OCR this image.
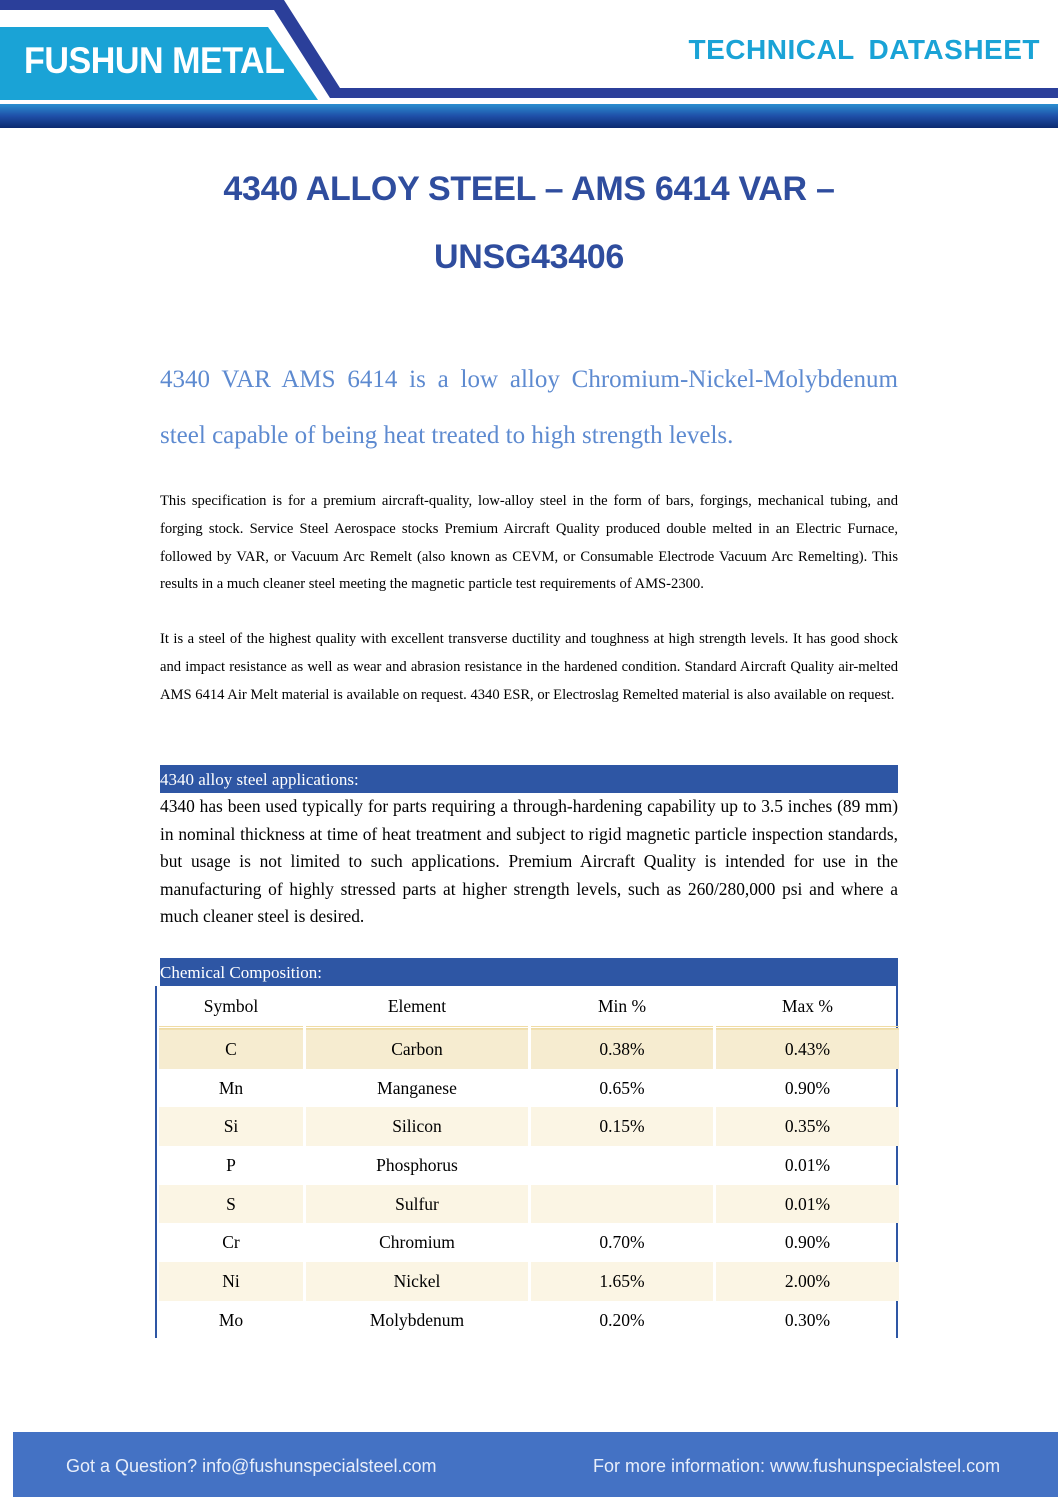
FUSHUN METAL	TECHNICAL DATASHEET
4340 ALLOY STEEL – AMS 6414 VAR –
UNSG43406
4340 VAR AMS 6414 is a low alloy Chromium-Nickel-Molybdenum steel capable of being heat treated to high strength levels.
This specification is for a premium aircraft-quality, low-alloy steel in the form of bars, forgings, mechanical tubing, and forging stock. Service Steel Aerospace stocks Premium Aircraft Quality produced double melted in an Electric Furnace, followed by VAR, or Vacuum Arc Remelt (also known as CEVM, or Consumable Electrode Vacuum Arc Remelting). This results in a much cleaner steel meeting the magnetic particle test requirements of AMS-2300.
It is a steel of the highest quality with excellent transverse ductility and toughness at high strength levels. It has good shock and impact resistance as well as wear and abrasion resistance in the hardened condition. Standard Aircraft Quality air-melted AMS 6414 Air Melt material is available on request. 4340 ESR, or Electroslag Remelted material is also available on request.
4340 alloy steel applications:
4340 has been used typically for parts requiring a through-hardening capability up to 3.5 inches (89 mm) in nominal thickness at time of heat treatment and subject to rigid magnetic particle inspection standards, but usage is not limited to such applications. Premium Aircraft Quality is intended for use in the manufacturing of highly stressed parts at higher strength levels, such as 260/280,000 psi and where a much cleaner steel is desired.
Chemical Composition:
Symbol	Element	Min %	Max %
C	Carbon	0.38%	0.43%
Mn	Manganese	0.65%	0.90%
Si	Silicon	0.15%	0.35%
P	Phosphorus		0.01%
S	Sulfur		0.01%
Cr	Chromium	0.70%	0.90%
Ni	Nickel	1.65%	2.00%
Mo	Molybdenum	0.20%	0.30%
Got a Question? info@fushunspecialsteel.com	For more information: www.fushunspecialsteel.com
